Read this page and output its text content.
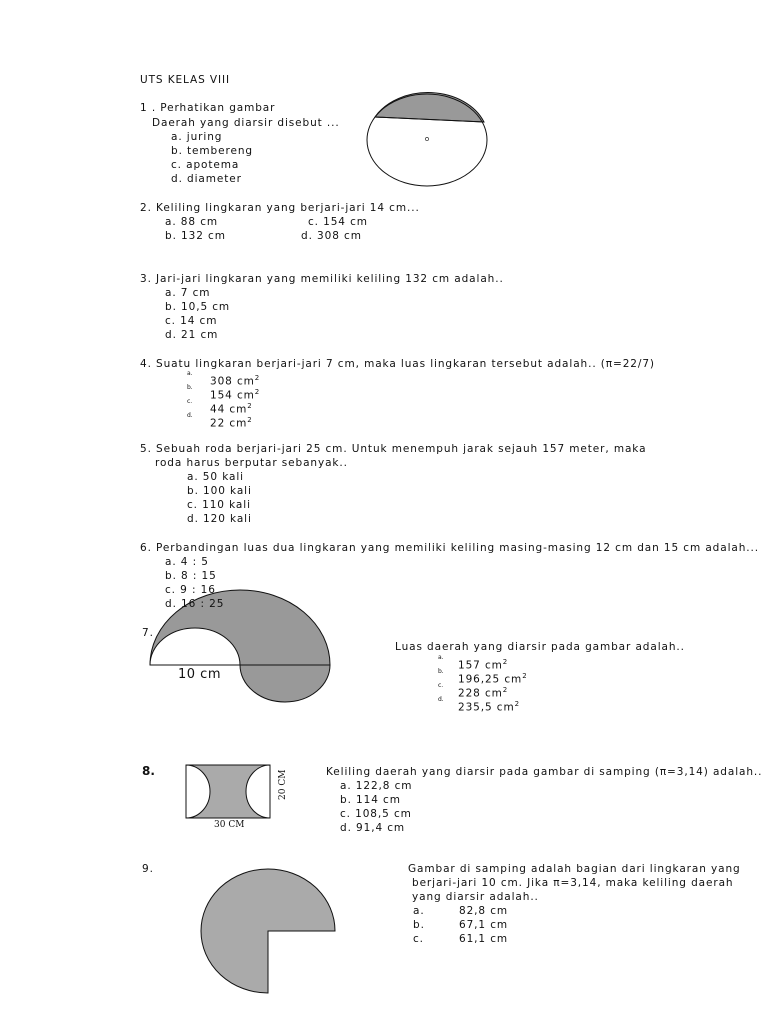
UTS KELAS VIII
1 . Perhatikan gambar
Daerah yang diarsir disebut ...
a. juring
b. tembereng
c. apotema
d. diameter
2. Keliling lingkaran yang berjari-jari 14 cm...
a. 88 cm
b. 132 cm
c. 154 cm
d. 308 cm
3. Jari-jari lingkaran yang memiliki keliling 132 cm adalah..
a. 7 cm
b. 10,5 cm
c. 14 cm
d. 21 cm
4. Suatu lingkaran berjari-jari 7 cm, maka luas lingkaran tersebut adalah.. (π=22/7)
a.
308 $cm^2$
b.
154 $cm^2$
c.
44 $cm^2$
d.
22 $cm^2$
5. Sebuah roda berjari-jari 25 cm. Untuk menempuh jarak sejauh 157 meter, maka
roda harus berputar sebanyak..
a. 50 kali
b. 100 kali
c. 110 kali
d. 120 kali
6. Perbandingan luas dua lingkaran yang memiliki keliling masing-masing 12 cm dan 15 cm adalah...
a. 4 : 5
b. 8 : 15
c. 9 : 16
d. 16 : 25
7.
10 cm
Luas daerah yang diarsir pada gambar adalah..
a.
157 $cm^2$
b.
196,25 $cm^2$
c.
228 $cm^2$
d.
235,5 $cm^2$
8.
30 CM
20 CM	Keliling daerah yang diarsir pada gambar di samping (π=3,14) adalah..
a. 122,8 cm
b. 114 cm
c. 108,5 cm
d. 91,4 cm
9.	Gambar di samping adalah bagian dari lingkaran yang
berjari-jari 10 cm. Jika π=3,14, maka keliling daerah
yang diarsir adalah..
a.	82,8 cm
b.	67,1 cm
c.	61,1 cm
